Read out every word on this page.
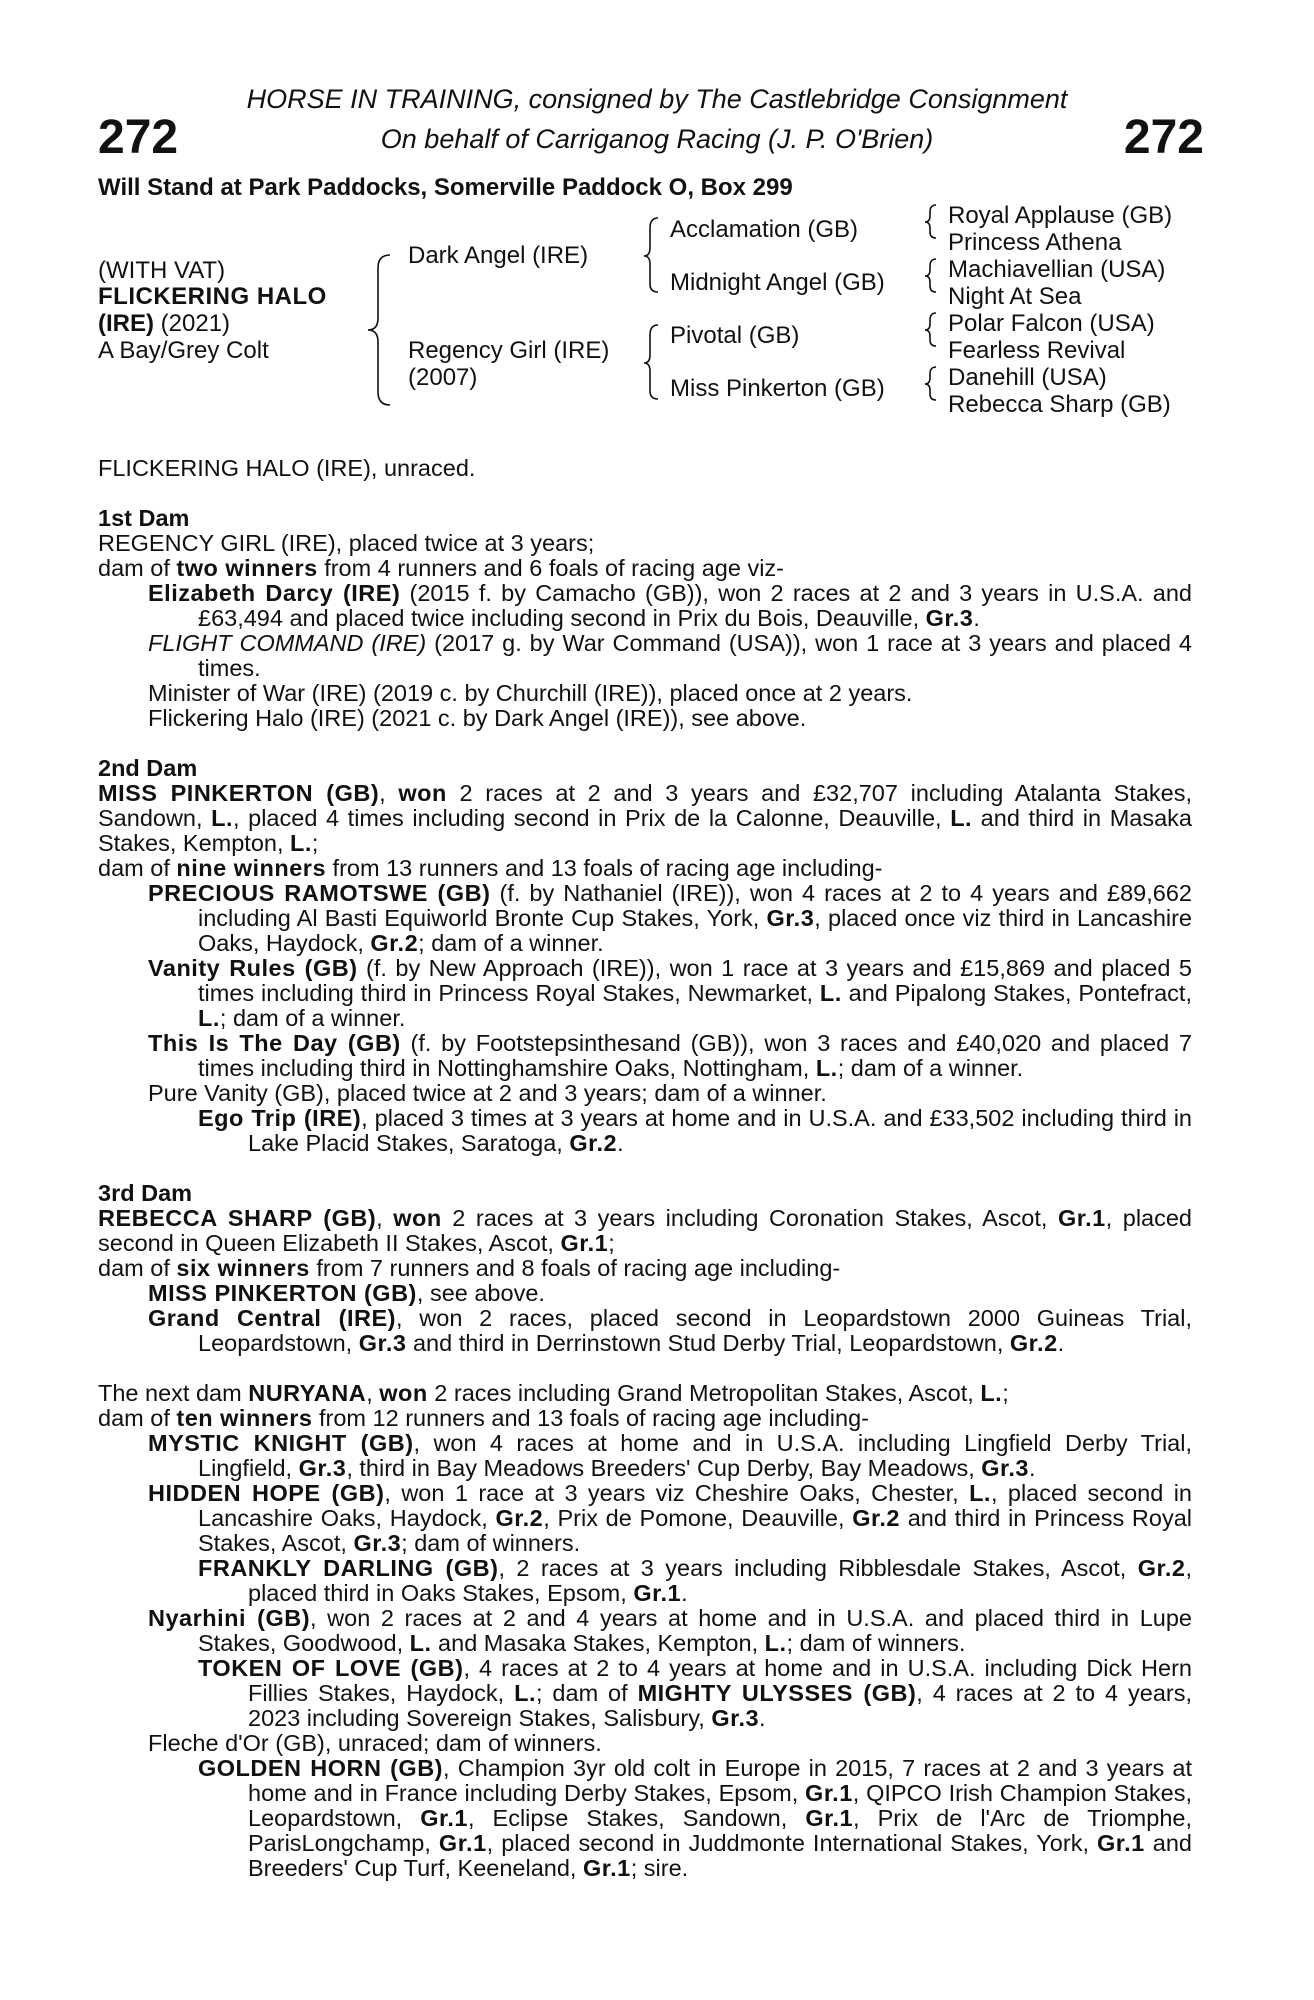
272	272
HORSE IN TRAINING, consigned by The Castlebridge Consignment
On behalf of Carriganog Racing (J. P. O'Brien)
Will Stand at Park Paddocks, Somerville Paddock O, Box 299
(WITH VAT)
FLICKERING HALO
(IRE) (2021)
A Bay/Grey Colt
Dark Angel (IRE)
Regency Girl (IRE)
(2007)
Acclamation (GB)
Midnight Angel (GB)
Pivotal (GB)
Miss Pinkerton (GB)
Royal Applause (GB)
Princess Athena
Machiavellian (USA)
Night At Sea
Polar Falcon (USA)
Fearless Revival
Danehill (USA)
Rebecca Sharp (GB)
FLICKERING HALO (IRE), unraced.
1st Dam
REGENCY GIRL (IRE), placed twice at 3 years;
dam of two winners from 4 runners and 6 foals of racing age viz-
Elizabeth Darcy (IRE) (2015 f. by Camacho (GB)), won 2 races at 2 and 3 years in U.S.A. and £63,494 and placed twice including second in Prix du Bois, Deauville, Gr.3.
FLIGHT COMMAND (IRE) (2017 g. by War Command (USA)), won 1 race at 3 years and placed 4 times.
Minister of War (IRE) (2019 c. by Churchill (IRE)), placed once at 2 years.
Flickering Halo (IRE) (2021 c. by Dark Angel (IRE)), see above.
2nd Dam
MISS PINKERTON (GB), won 2 races at 2 and 3 years and £32,707 including Atalanta Stakes, Sandown, L., placed 4 times including second in Prix de la Calonne, Deauville, L. and third in Masaka Stakes, Kempton, L.;
dam of nine winners from 13 runners and 13 foals of racing age including-
PRECIOUS RAMOTSWE (GB) (f. by Nathaniel (IRE)), won 4 races at 2 to 4 years and £89,662 including Al Basti Equiworld Bronte Cup Stakes, York, Gr.3, placed once viz third in Lancashire Oaks, Haydock, Gr.2; dam of a winner.
Vanity Rules (GB) (f. by New Approach (IRE)), won 1 race at 3 years and £15,869 and placed 5 times including third in Princess Royal Stakes, Newmarket, L. and Pipalong Stakes, Pontefract, L.; dam of a winner.
This Is The Day (GB) (f. by Footstepsinthesand (GB)), won 3 races and £40,020 and placed 7 times including third in Nottinghamshire Oaks, Nottingham, L.; dam of a winner.
Pure Vanity (GB), placed twice at 2 and 3 years; dam of a winner.
Ego Trip (IRE), placed 3 times at 3 years at home and in U.S.A. and £33,502 including third in Lake Placid Stakes, Saratoga, Gr.2.
3rd Dam
REBECCA SHARP (GB), won 2 races at 3 years including Coronation Stakes, Ascot, Gr.1, placed second in Queen Elizabeth II Stakes, Ascot, Gr.1;
dam of six winners from 7 runners and 8 foals of racing age including-
MISS PINKERTON (GB), see above.
Grand Central (IRE), won 2 races, placed second in Leopardstown 2000 Guineas Trial, Leopardstown, Gr.3 and third in Derrinstown Stud Derby Trial, Leopardstown, Gr.2.
The next dam NURYANA, won 2 races including Grand Metropolitan Stakes, Ascot, L.;
dam of ten winners from 12 runners and 13 foals of racing age including-
MYSTIC KNIGHT (GB), won 4 races at home and in U.S.A. including Lingfield Derby Trial, Lingfield, Gr.3, third in Bay Meadows Breeders' Cup Derby, Bay Meadows, Gr.3.
HIDDEN HOPE (GB), won 1 race at 3 years viz Cheshire Oaks, Chester, L., placed second in Lancashire Oaks, Haydock, Gr.2, Prix de Pomone, Deauville, Gr.2 and third in Princess Royal Stakes, Ascot, Gr.3; dam of winners.
FRANKLY DARLING (GB), 2 races at 3 years including Ribblesdale Stakes, Ascot, Gr.2, placed third in Oaks Stakes, Epsom, Gr.1.
Nyarhini (GB), won 2 races at 2 and 4 years at home and in U.S.A. and placed third in Lupe Stakes, Goodwood, L. and Masaka Stakes, Kempton, L.; dam of winners.
TOKEN OF LOVE (GB), 4 races at 2 to 4 years at home and in U.S.A. including Dick Hern Fillies Stakes, Haydock, L.; dam of MIGHTY ULYSSES (GB), 4 races at 2 to 4 years, 2023 including Sovereign Stakes, Salisbury, Gr.3.
Fleche d'Or (GB), unraced; dam of winners.
GOLDEN HORN (GB), Champion 3yr old colt in Europe in 2015, 7 races at 2 and 3 years at home and in France including Derby Stakes, Epsom, Gr.1, QIPCO Irish Champion Stakes, Leopardstown, Gr.1, Eclipse Stakes, Sandown, Gr.1, Prix de l'Arc de Triomphe, ParisLongchamp, Gr.1, placed second in Juddmonte International Stakes, York, Gr.1 and Breeders' Cup Turf, Keeneland, Gr.1; sire.
